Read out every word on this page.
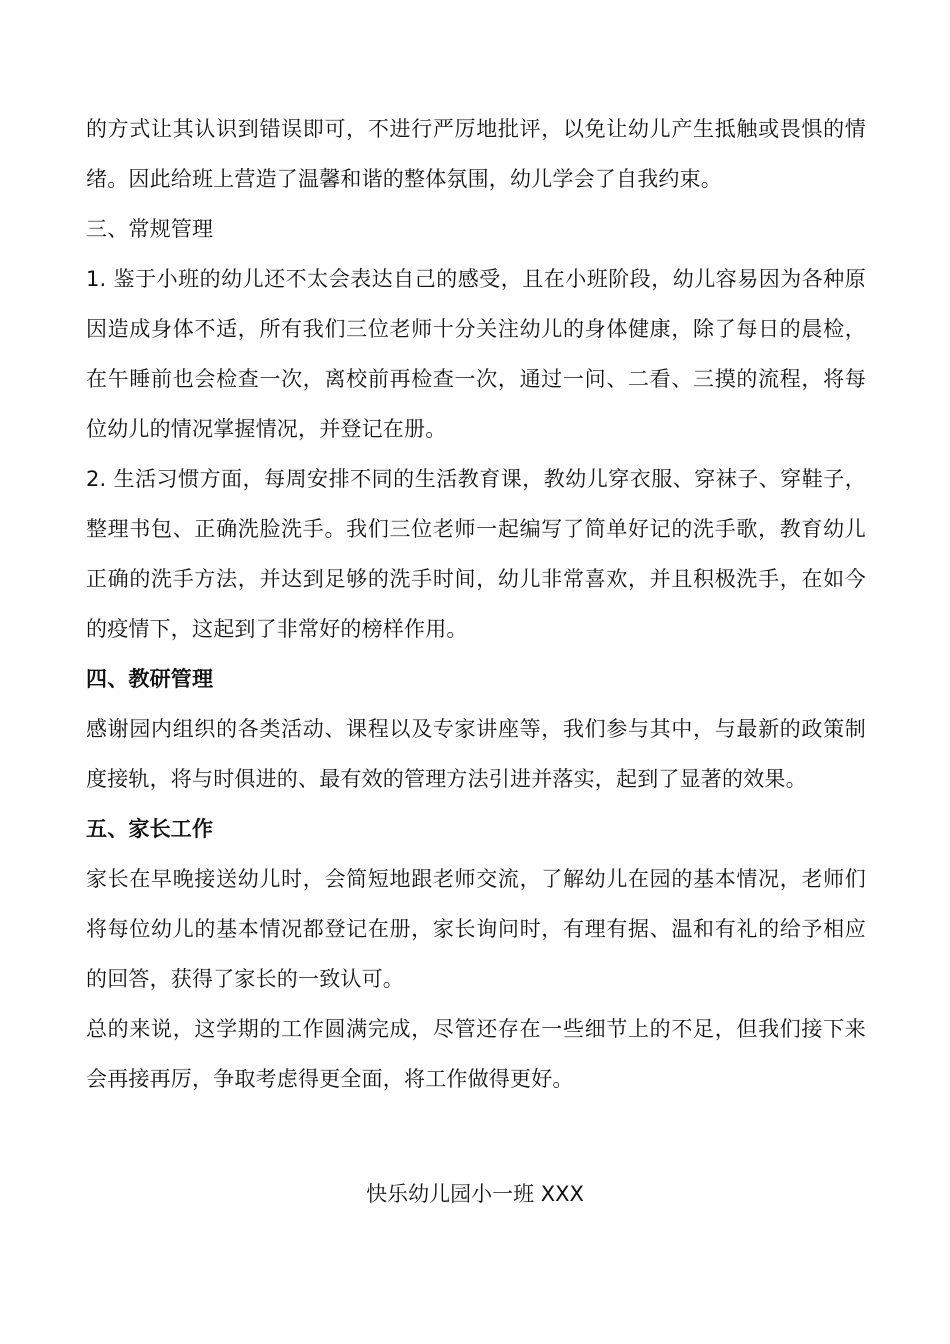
的方式让其认识到错误即可，不进行严厉地批评，以免让幼儿产生抵触或畏惧的情绪。因此给班上营造了温馨和谐的整体氛围，幼儿学会了自我约束。

三、常规管理

1. 鉴于小班的幼儿还不太会表达自己的感受，且在小班阶段，幼儿容易因为各种原因造成身体不适，所有我们三位老师十分关注幼儿的身体健康，除了每日的晨检，在午睡前也会检查一次，离校前再检查一次，通过一问、二看、三摸的流程，将每位幼儿的情况掌握情况，并登记在册。

2. 生活习惯方面，每周安排不同的生活教育课，教幼儿穿衣服、穿袜子、穿鞋子，整理书包、正确洗脸洗手。我们三位老师一起编写了简单好记的洗手歌，教育幼儿正确的洗手方法，并达到足够的洗手时间，幼儿非常喜欢，并且积极洗手，在如今的疫情下，这起到了非常好的榜样作用。

四、教研管理

感谢园内组织的各类活动、课程以及专家讲座等，我们参与其中，与最新的政策制度接轨，将与时俱进的、最有效的管理方法引进并落实，起到了显著的效果。

五、家长工作

家长在早晚接送幼儿时，会简短地跟老师交流，了解幼儿在园的基本情况，老师们将每位幼儿的基本情况都登记在册，家长询问时，有理有据、温和有礼的给予相应的回答，获得了家长的一致认可。

总的来说，这学期的工作圆满完成，尽管还存在一些细节上的不足，但我们接下来会再接再厉，争取考虑得更全面，将工作做得更好。

快乐幼儿园小一班 XXX
